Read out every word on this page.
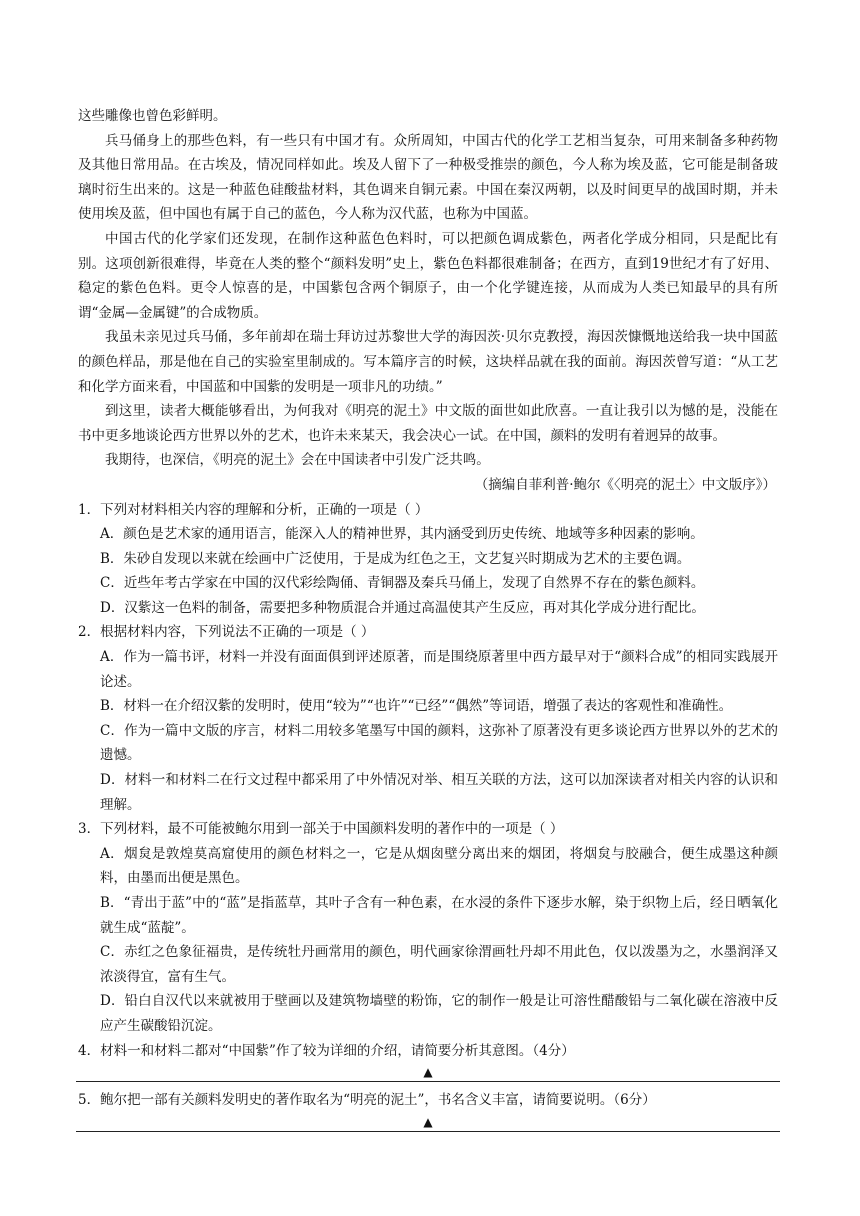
这些雕像也曾色彩鲜明。

兵马俑身上的那些色料，有一些只有中国才有。众所周知，中国古代的化学工艺相当复杂，可用来制备多种药物及其他日常用品。在古埃及，情况同样如此。埃及人留下了一种极受推崇的颜色，今人称为埃及蓝，它可能是制备玻璃时衍生出来的。这是一种蓝色硅酸盐材料，其色调来自铜元素。中国在秦汉两朝，以及时间更早的战国时期，并未使用埃及蓝，但中国也有属于自己的蓝色，今人称为汉代蓝，也称为中国蓝。

中国古代的化学家们还发现，在制作这种蓝色色料时，可以把颜色调成紫色，两者化学成分相同，只是配比有别。这项创新很难得，毕竟在人类的整个“颜料发明”史上，紫色色料都很难制备；在西方，直到19世纪才有了好用、稳定的紫色色料。更令人惊喜的是，中国紫包含两个铜原子，由一个化学键连接，从而成为人类已知最早的具有所谓“金属—金属键”的合成物质。

我虽未亲见过兵马俑，多年前却在瑞士拜访过苏黎世大学的海因茨·贝尔克教授，海因茨慷慨地送给我一块中国蓝的颜色样品，那是他在自己的实验室里制成的。写本篇序言的时候，这块样品就在我的面前。海因茨曾写道：“从工艺和化学方面来看，中国蓝和中国紫的发明是一项非凡的功绩。”

到这里，读者大概能够看出，为何我对《明亮的泥土》中文版的面世如此欣喜。一直让我引以为憾的是，没能在书中更多地谈论西方世界以外的艺术，也许未来某天，我会决心一试。在中国，颜料的发明有着迥异的故事。

我期待，也深信，《明亮的泥土》会在中国读者中引发广泛共鸣。

（摘编自菲利普·鲍尔《〈明亮的泥土〉中文版序》）

1．下列对材料相关内容的理解和分析，正确的一项是（ ）

A．颜色是艺术家的通用语言，能深入人的精神世界，其内涵受到历史传统、地域等多种因素的影响。

B．朱砂自发现以来就在绘画中广泛使用，于是成为红色之王，文艺复兴时期成为艺术的主要色调。

C．近些年考古学家在中国的汉代彩绘陶俑、青铜器及秦兵马俑上，发现了自然界不存在的紫色颜料。

D．汉紫这一色料的制备，需要把多种物质混合并通过高温使其产生反应，再对其化学成分进行配比。

2．根据材料内容，下列说法不正确的一项是（ ）

A．作为一篇书评，材料一并没有面面俱到评述原著，而是围绕原著里中西方最早对于“颜料合成”的相同实践展开论述。

B．材料一在介绍汉紫的发明时，使用“较为”“也许”“已经”“偶然”等词语，增强了表达的客观性和准确性。

C．作为一篇中文版的序言，材料二用较多笔墨写中国的颜料，这弥补了原著没有更多谈论西方世界以外的艺术的遗憾。

D．材料一和材料二在行文过程中都采用了中外情况对举、相互关联的方法，这可以加深读者对相关内容的认识和理解。

3．下列材料，最不可能被鲍尔用到一部关于中国颜料发明的著作中的一项是（ ）

A．烟炱是敦煌莫高窟使用的颜色材料之一，它是从烟囱壁分离出来的烟团，将烟炱与胶融合，便生成墨这种颜料，由墨而出便是黑色。

B．“青出于蓝”中的“蓝”是指蓝草，其叶子含有一种色素，在水浸的条件下逐步水解，染于织物上后，经日晒氧化就生成“蓝靛”。

C．赤红之色象征福贵，是传统牡丹画常用的颜色，明代画家徐渭画牡丹却不用此色，仅以泼墨为之，水墨润泽又浓淡得宜，富有生气。

D．铅白自汉代以来就被用于壁画以及建筑物墙壁的粉饰，它的制作一般是让可溶性醋酸铅与二氧化碳在溶液中反应产生碳酸铅沉淀。

4．材料一和材料二都对“中国紫”作了较为详细的介绍，请简要分析其意图。（4分）

▲

5．鲍尔把一部有关颜料发明史的著作取名为“明亮的泥土”，书名含义丰富，请简要说明。（6分）

▲
